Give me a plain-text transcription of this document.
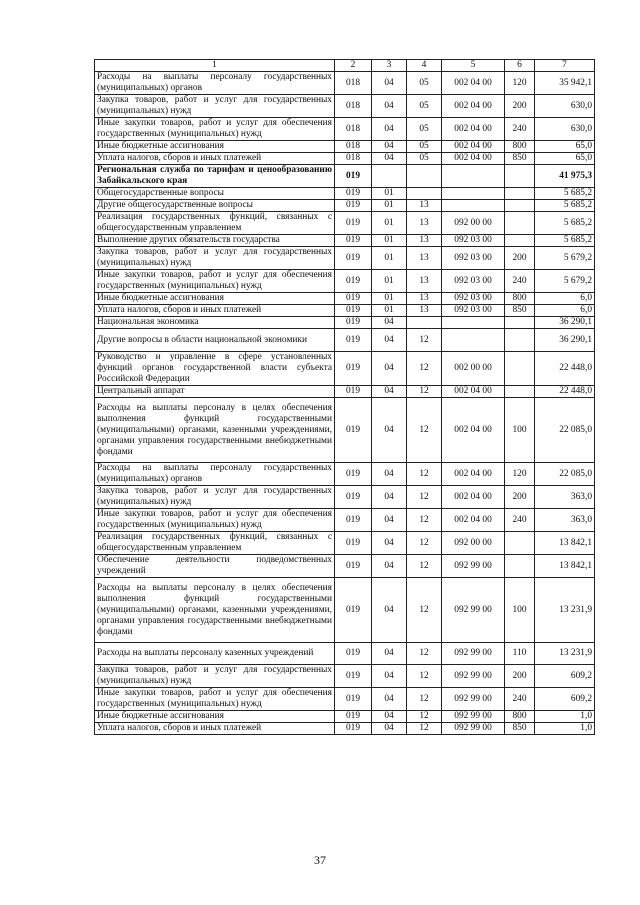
1	2	3	4	5	6	7
Расходы на выплаты персоналу государственных (муниципальных) органов	018	04	05	002 04 00	120	35 942,1
Закупка товаров, работ и услуг для государственных (муниципальных) нужд	018	04	05	002 04 00	200	630,0
Иные закупки товаров, работ и услуг для обеспечения государственных (муниципальных) нужд	018	04	05	002 04 00	240	630,0
Иные бюджетные ассигнования	018	04	05	002 04 00	800	65,0
Уплата налогов, сборов и иных платежей	018	04	05	002 04 00	850	65,0
Региональная служба по тарифам и ценообразованию Забайкальского края	019					41 975,3
Общегосударственные вопросы	019	01				5 685,2
Другие общегосударственные вопросы	019	01	13			5 685,2
Реализация государственных функций, связанных с общегосударственным управлением	019	01	13	092 00 00		5 685,2
Выполнение других обязательств государства	019	01	13	092 03 00		5 685,2
Закупка товаров, работ и услуг для государственных (муниципальных) нужд	019	01	13	092 03 00	200	5 679,2
Иные закупки товаров, работ и услуг для обеспечения государственных (муниципальных) нужд	019	01	13	092 03 00	240	5 679,2
Иные бюджетные ассигнования	019	01	13	092 03 00	800	6,0
Уплата налогов, сборов и иных платежей	019	01	13	092 03 00	850	6,0
Национальная экономика	019	04				36 290,1
Другие вопросы в области национальной экономики	019	04	12			36 290,1
Руководство и управление в сфере установленных функций органов государственной власти субъекта Российской Федерации	019	04	12	002 00 00		22 448,0
Центральный аппарат	019	04	12	002 04 00		22 448,0
Расходы на выплаты персоналу в целях обеспечения выполнения функций государственными (муниципальными) органами, казенными учреждениями, органами управления государственными внебюджетными фондами	019	04	12	002 04 00	100	22 085,0
Расходы на выплаты персоналу государственных (муниципальных) органов	019	04	12	002 04 00	120	22 085,0
Закупка товаров, работ и услуг для государственных (муниципальных) нужд	019	04	12	002 04 00	200	363,0
Иные закупки товаров, работ и услуг для обеспечения государственных (муниципальных) нужд	019	04	12	002 04 00	240	363,0
Реализация государственных функций, связанных с общегосударственным управлением	019	04	12	092 00 00		13 842,1
Обеспечение деятельности подведомственных учреждений	019	04	12	092 99 00		13 842,1
Расходы на выплаты персоналу в целях обеспечения выполнения функций государственными (муниципальными) органами, казенными учреждениями, органами управления государственными внебюджетными фондами	019	04	12	092 99 00	100	13 231,9
Расходы на выплаты персоналу казенных учреждений	019	04	12	092 99 00	110	13 231,9
Закупка товаров, работ и услуг для государственных (муниципальных) нужд	019	04	12	092 99 00	200	609,2
Иные закупки товаров, работ и услуг для обеспечения государственных (муниципальных) нужд	019	04	12	092 99 00	240	609,2
Иные бюджетные ассигнования	019	04	12	092 99 00	800	1,0
Уплата налогов, сборов и иных платежей	019	04	12	092 99 00	850	1,0
37
